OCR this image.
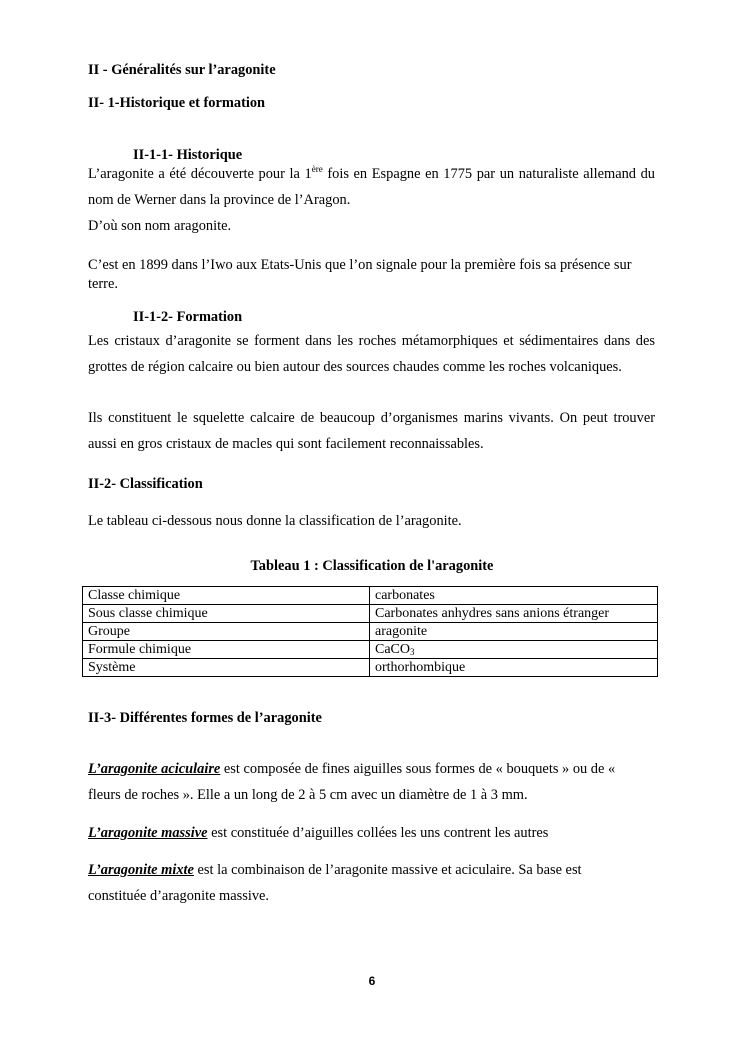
II - Généralités sur l’aragonite
II- 1-Historique et formation
II-1-1- Historique
L’aragonite a été découverte pour la 1ère fois en Espagne en 1775 par un naturaliste allemand du nom de Werner dans la province de l’Aragon.
D’où son nom aragonite.
C’est en 1899 dans l’Iwo aux Etats-Unis que l’on signale pour la première fois sa présence sur terre.
II-1-2- Formation
Les cristaux d’aragonite se forment dans les roches métamorphiques et sédimentaires dans des grottes de région calcaire ou bien autour des sources chaudes comme les roches volcaniques.
Ils constituent le squelette calcaire de beaucoup d’organismes marins vivants. On peut trouver aussi en gros cristaux de macles qui sont facilement reconnaissables.
II-2- Classification
Le tableau ci-dessous nous donne la classification de l’aragonite.
Tableau 1 : Classification de l'aragonite
Classe chimique	carbonates
Sous classe chimique	Carbonates anhydres sans anions étranger
Groupe	aragonite
Formule chimique	CaCO$_3$
Système	orthorhombique
II-3- Différentes formes de l’aragonite
L’aragonite aciculaire est composée de fines aiguilles sous formes de « bouquets » ou de « fleurs de roches ». Elle a un long de 2 à 5 cm avec un diamètre de 1 à 3 mm.
L’aragonite massive est constituée d’aiguilles collées les uns contrent les autres
L’aragonite mixte est la combinaison de l’aragonite massive et aciculaire. Sa base est constituée d’aragonite massive.
6
